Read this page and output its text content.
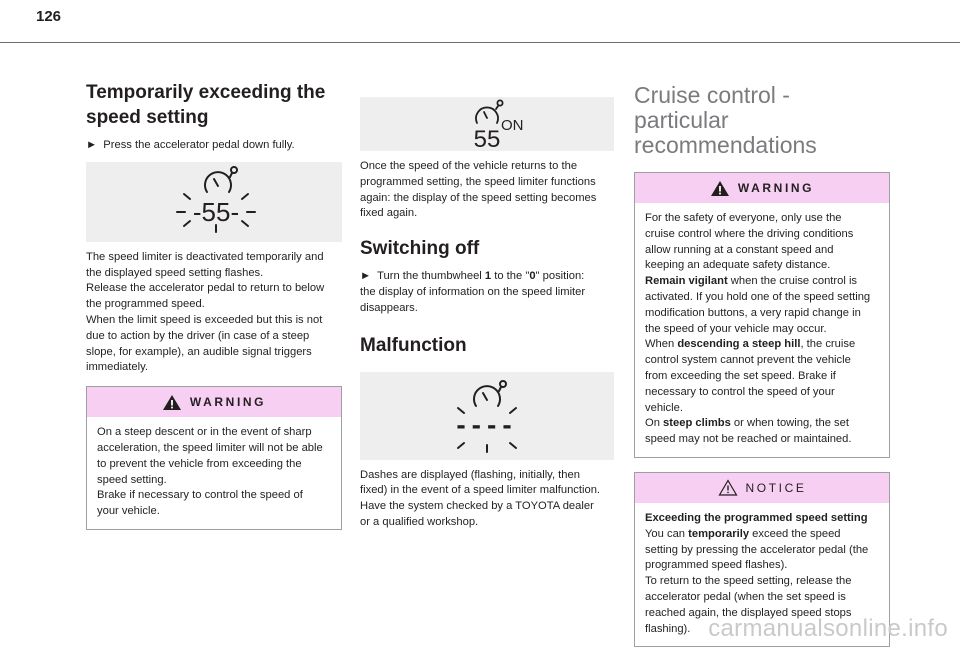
126
Temporarily exceeding the
speed setting

► Press the accelerator pedal down fully.

-55-

The speed limiter is deactivated temporarily and

the displayed speed setting flashes.

Release the accelerator pedal to return to below

the programmed speed.

When the limit speed is exceeded but this is not

due to action by the driver (in case of a steep

slope, for example), an audible signal triggers

immediately.

WARNING

On a steep descent or in the event of sharp

acceleration, the speed limiter will not be able

to prevent the vehicle from exceeding the

speed setting.

Brake if necessary to control the speed of

your vehicle.

55
ON

Once the speed of the vehicle returns to the

programmed setting, the speed limiter functions

again: the display of the speed setting becomes

fixed again.

Switching off

► Turn the thumbwheel 1 to the "0" position:

the display of information on the speed limiter

disappears.

Malfunction
----

Dashes are displayed (flashing, initially, then

fixed) in the event of a speed limiter malfunction.

Have the system checked by a TOYOTA dealer

or a qualified workshop.

Cruise control - particular
recommendations
WARNING

For the safety of everyone, only use the

cruise control where the driving conditions

allow running at a constant speed and

keeping an adequate safety distance.

Remain vigilant when the cruise control is

activated. If you hold one of the speed setting

modification buttons, a very rapid change in

the speed of your vehicle may occur.

When descending a steep hill, the cruise

control system cannot prevent the vehicle

from exceeding the set speed. Brake if

necessary to control the speed of your

vehicle.

On steep climbs or when towing, the set

speed may not be reached or maintained.

NOTICE

Exceeding the programmed speed setting

You can temporarily exceed the speed

setting by pressing the accelerator pedal (the

programmed speed flashes).

To return to the speed setting, release the

accelerator pedal (when the set speed is

reached again, the displayed speed stops

flashing). carmanualsonline.info
